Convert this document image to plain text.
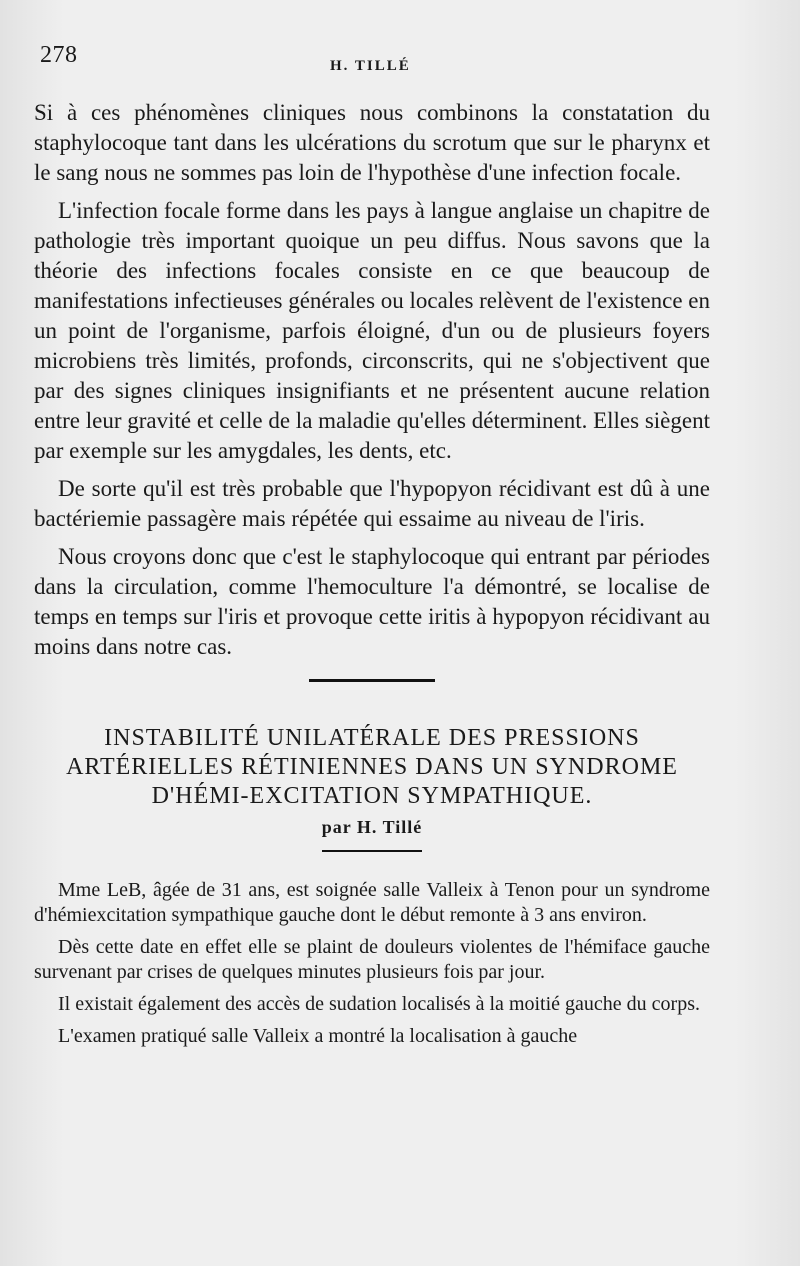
278	H. TILLÉ

Si à ces phénomènes cliniques nous combinons la constatation du staphylocoque tant dans les ulcérations du scrotum que sur le pharynx et le sang nous ne sommes pas loin de l'hypothèse d'une infection focale.

L'infection focale forme dans les pays à langue anglaise un chapitre de pathologie très important quoique un peu diffus. Nous savons que la théorie des infections focales consiste en ce que beaucoup de manifestations infectieuses générales ou locales relèvent de l'existence en un point de l'organisme, parfois éloigné, d'un ou de plusieurs foyers microbiens très limités, profonds, circonscrits, qui ne s'objectivent que par des signes cliniques insignifiants et ne présentent aucune relation entre leur gravité et celle de la maladie qu'elles déterminent. Elles siègent par exemple sur les amygdales, les dents, etc.

De sorte qu'il est très probable que l'hypopyon récidivant est dû à une bactériemie passagère mais répétée qui essaime au niveau de l'iris.

Nous croyons donc que c'est le staphylocoque qui entrant par périodes dans la circulation, comme l'hemoculture l'a démontré, se localise de temps en temps sur l'iris et provoque cette iritis à hypopyon récidivant au moins dans notre cas.

INSTABILITÉ UNILATÉRALE DES PRESSIONS ARTÉRIELLES RÉTINIENNES DANS UN SYNDROME D'HÉMI-EXCITATION SYMPATHIQUE.

par H. Tillé

Mme LeB, âgée de 31 ans, est soignée salle Valleix à Tenon pour un syndrome d'hémiexcitation sympathique gauche dont le début remonte à 3 ans environ.

Dès cette date en effet elle se plaint de douleurs violentes de l'hémiface gauche survenant par crises de quelques minutes plusieurs fois par jour.

Il existait également des accès de sudation localisés à la moitié gauche du corps.

L'examen pratiqué salle Valleix a montré la localisation à gauche
